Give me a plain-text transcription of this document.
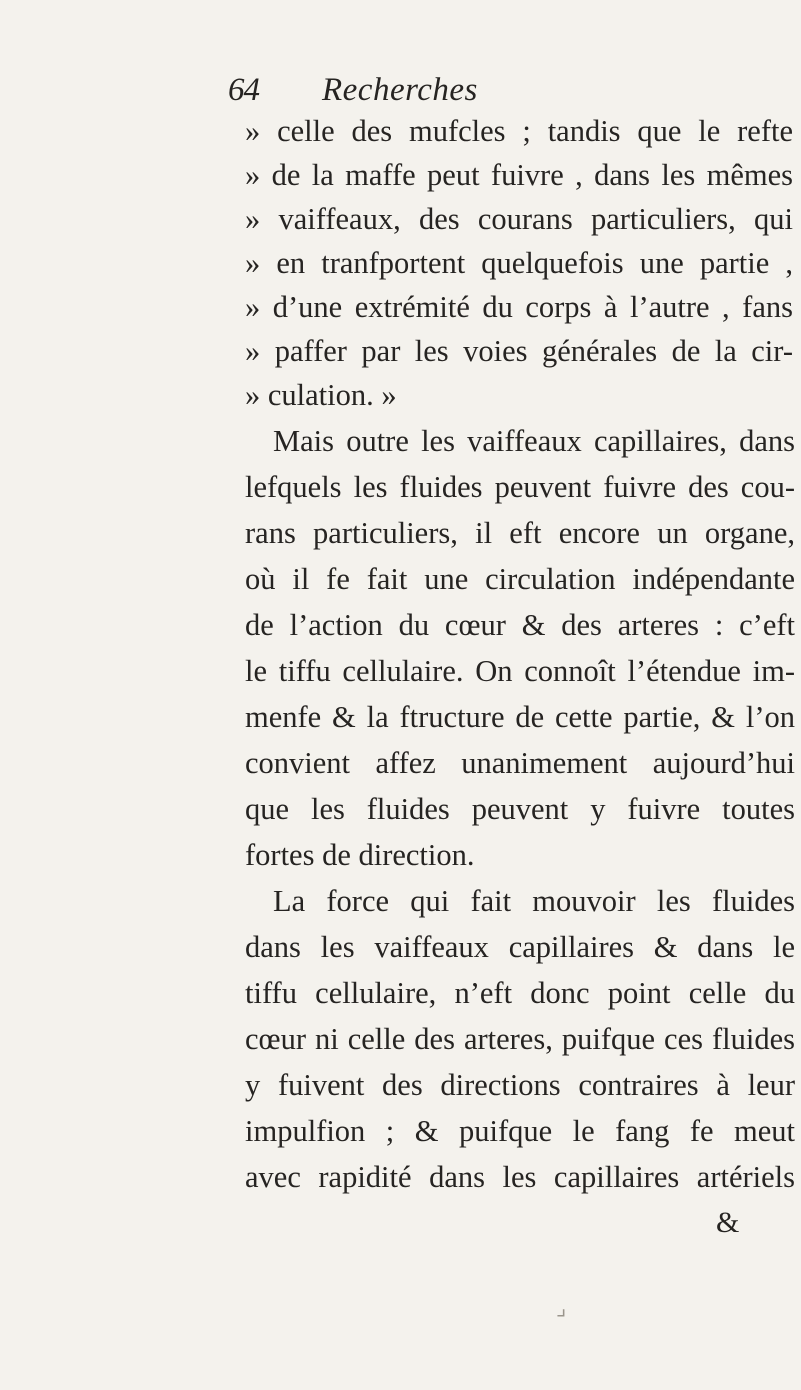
64 Recherches
» celle des mufcles ; tandis que le refte
» de la maffe peut fuivre , dans les mêmes
» vaiffeaux, des courans particuliers, qui
» en tranfportent quelquefois une partie ,
» d’une extrémité du corps à l’autre , fans
» paffer par les voies générales de la cir-
» culation. »
Mais outre les vaiffeaux capillaires, dans
lefquels les fluides peuvent fuivre des cou-
rans particuliers, il eft encore un organe,
où il fe fait une circulation indépendante
de l’action du cœur & des arteres : c’eft
le tiffu cellulaire. On connoît l’étendue im-
menfe & la ftructure de cette partie, & l’on
convient affez unanimement aujourd’hui
que les fluides peuvent y fuivre toutes
fortes de direction.
La force qui fait mouvoir les fluides
dans les vaiffeaux capillaires & dans le
tiffu cellulaire, n’eft donc point celle du
cœur ni celle des arteres, puifque ces fluides
y fuivent des directions contraires à leur
impulfion ; & puifque le fang fe meut
avec rapidité dans les capillaires artériels
&
⌟
